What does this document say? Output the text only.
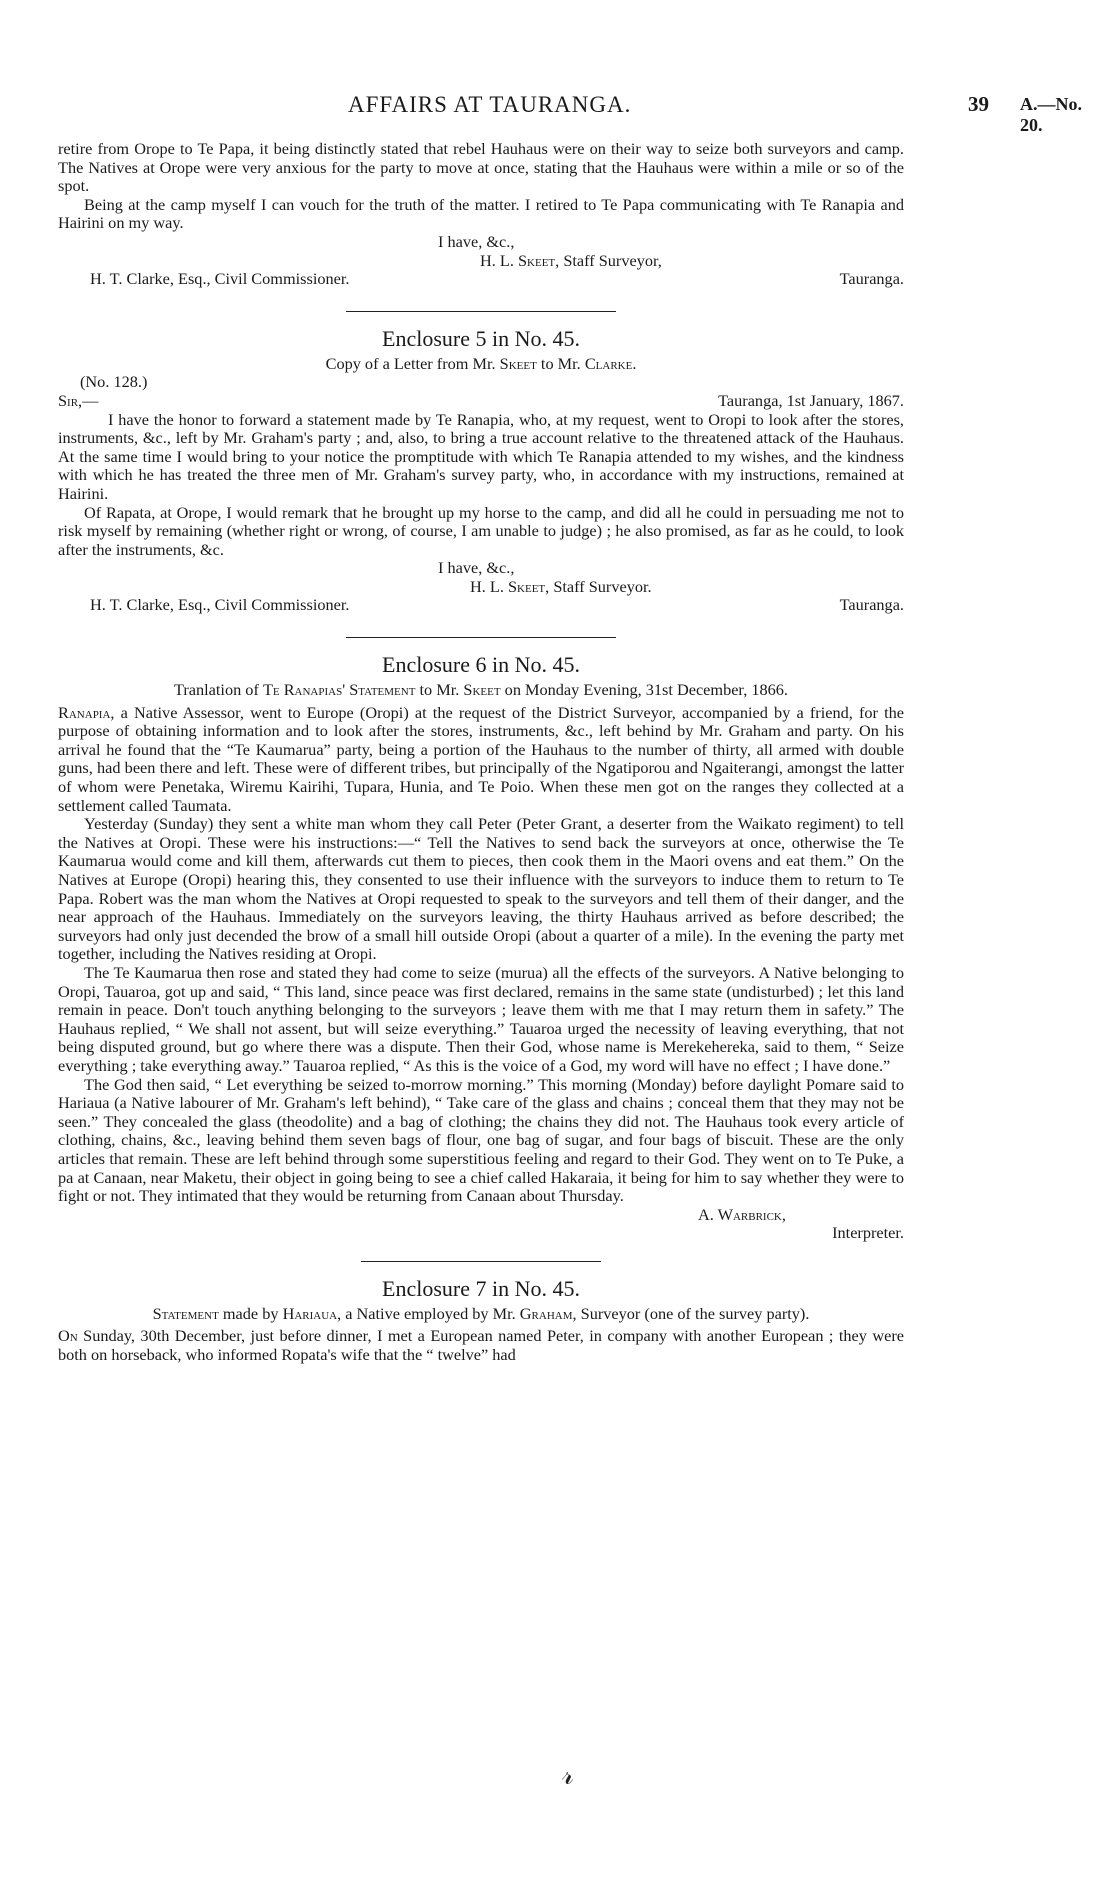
AFFAIRS AT TAURANGA.	39 A.—No. 20.

retire from Orope to Te Papa, it being distinctly stated that rebel Hauhaus were on their way to seize both surveyors and camp. The Natives at Orope were very anxious for the party to move at once, stating that the Hauhaus were within a mile or so of the spot.

Being at the camp myself I can vouch for the truth of the matter. I retired to Te Papa communicating with Te Ranapia and Hairini on my way.

I have, &c.,
H. L. Skeet, Staff Surveyor,
H. T. Clarke, Esq., Civil Commissioner.	Tauranga.
Enclosure 5 in No. 45.
Copy of a Letter from Mr. Skeet to Mr. Clarke.
(No. 128.)
Sir,—	Tauranga, 1st January, 1867.

I have the honor to forward a statement made by Te Ranapia, who, at my request, went to Oropi to look after the stores, instruments, &c., left by Mr. Graham's party ; and, also, to bring a true account relative to the threatened attack of the Hauhaus. At the same time I would bring to your notice the promptitude with which Te Ranapia attended to my wishes, and the kindness with which he has treated the three men of Mr. Graham's survey party, who, in accordance with my instructions, remained at Hairini.

Of Rapata, at Orope, I would remark that he brought up my horse to the camp, and did all he could in persuading me not to risk myself by remaining (whether right or wrong, of course, I am unable to judge) ; he also promised, as far as he could, to look after the instruments, &c.

I have, &c.,
H. L. Skeet, Staff Surveyor.
H. T. Clarke, Esq., Civil Commissioner.	Tauranga.
Enclosure 6 in No. 45.
Tranlation of Te Ranapias' Statement to Mr. Skeet on Monday Evening, 31st December, 1866.

Ranapia, a Native Assessor, went to Europe (Oropi) at the request of the District Surveyor, accompanied by a friend, for the purpose of obtaining information and to look after the stores, instruments, &c., left behind by Mr. Graham and party. On his arrival he found that the “Te Kaumarua” party, being a portion of the Hauhaus to the number of thirty, all armed with double guns, had been there and left. These were of different tribes, but principally of the Ngatiporou and Ngaiterangi, amongst the latter of whom were Penetaka, Wiremu Kairihi, Tupara, Hunia, and Te Poio. When these men got on the ranges they collected at a settlement called Taumata.

Yesterday (Sunday) they sent a white man whom they call Peter (Peter Grant, a deserter from the Waikato regiment) to tell the Natives at Oropi. These were his instructions:—“ Tell the Natives to send back the surveyors at once, otherwise the Te Kaumarua would come and kill them, afterwards cut them to pieces, then cook them in the Maori ovens and eat them.” On the Natives at Europe (Oropi) hearing this, they consented to use their influence with the surveyors to induce them to return to Te Papa. Robert was the man whom the Natives at Oropi requested to speak to the surveyors and tell them of their danger, and the near approach of the Hauhaus. Immediately on the surveyors leaving, the thirty Hauhaus arrived as before described; the surveyors had only just decended the brow of a small hill outside Oropi (about a quarter of a mile). In the evening the party met together, including the Natives residing at Oropi.

The Te Kaumarua then rose and stated they had come to seize (murua) all the effects of the surveyors. A Native belonging to Oropi, Tauaroa, got up and said, “ This land, since peace was first declared, remains in the same state (undisturbed) ; let this land remain in peace. Don't touch anything belonging to the surveyors ; leave them with me that I may return them in safety.” The Hauhaus replied, “ We shall not assent, but will seize everything.” Tauaroa urged the necessity of leaving everything, that not being disputed ground, but go where there was a dispute. Then their God, whose name is Merekehereka, said to them, “ Seize everything ; take everything away.” Tauaroa replied, “ As this is the voice of a God, my word will have no effect ; I have done.”

The God then said, “ Let everything be seized to-morrow morning.” This morning (Monday) before daylight Pomare said to Hariaua (a Native labourer of Mr. Graham's left behind), “ Take care of the glass and chains ; conceal them that they may not be seen.” They concealed the glass (theodolite) and a bag of clothing; the chains they did not. The Hauhaus took every article of clothing, chains, &c., leaving behind them seven bags of flour, one bag of sugar, and four bags of biscuit. These are the only articles that remain. These are left behind through some superstitious feeling and regard to their God. They went on to Te Puke, a pa at Canaan, near Maketu, their object in going being to see a chief called Hakaraia, it being for him to say whether they were to fight or not. They intimated that they would be returning from Canaan about Thursday.

A. Warbrick,
Interpreter.
Enclosure 7 in No. 45.
Statement made by Hariaua, a Native employed by Mr. Graham, Surveyor (one of the survey party).

On Sunday, 30th December, just before dinner, I met a European named Peter, in company with another European ; they were both on horseback, who informed Ropata's wife that the “ twelve” had

𝓇
